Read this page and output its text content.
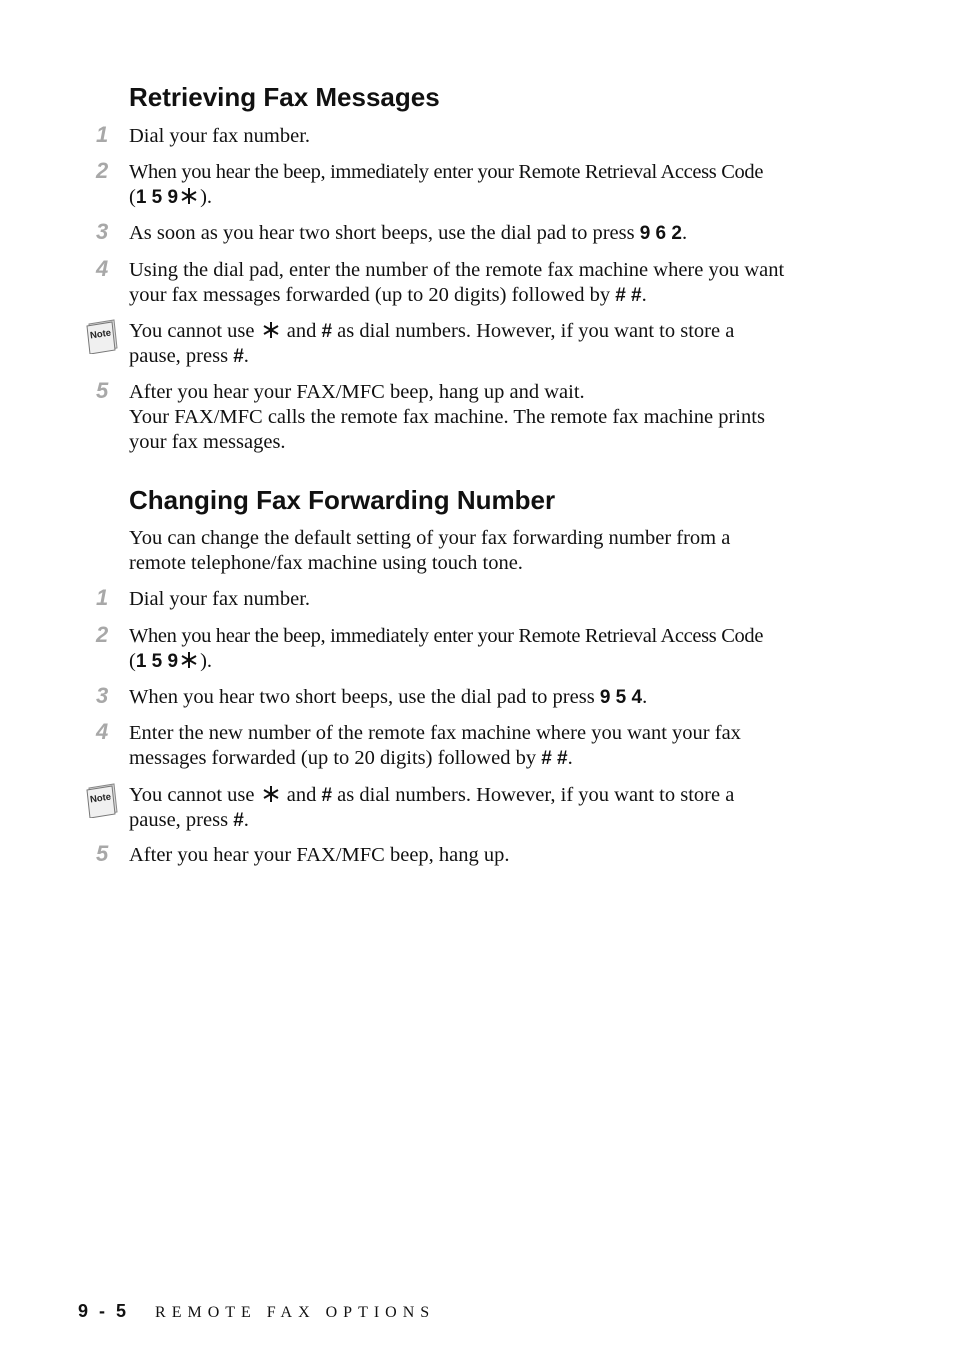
Retrieving Fax Messages
1	Dial your fax number.

2	When you hear the beep, immediately enter your Remote Retrieval Access Code

(1 5 9 ).

3	As soon as you hear two short beeps, use the dial pad to press 9 6 2.

4	Using the dial pad, enter the number of the remote fax machine where you want

your fax messages forwarded (up to 20 digits) followed by # #.

Note You cannot use and # as dial numbers. However, if you want to store a

pause, press #.

5	After you hear your FAX/MFC beep, hang up and wait.

Your FAX/MFC calls the remote fax machine. The remote fax machine prints

your fax messages.

Changing Fax Forwarding Number

You can change the default setting of your fax forwarding number from a

remote telephone/fax machine using touch tone.

1	Dial your fax number.

2	When you hear the beep, immediately enter your Remote Retrieval Access Code

(1 5 9 ).

3	When you hear two short beeps, use the dial pad to press 9 5 4.

4	Enter the new number of the remote fax machine where you want your fax

messages forwarded (up to 20 digits) followed by # #.

Note You cannot use and # as dial numbers. However, if you want to store a

pause, press #.

5	After you hear your FAX/MFC beep, hang up.

9 - 5 REMOTE FAX OPTIONS
